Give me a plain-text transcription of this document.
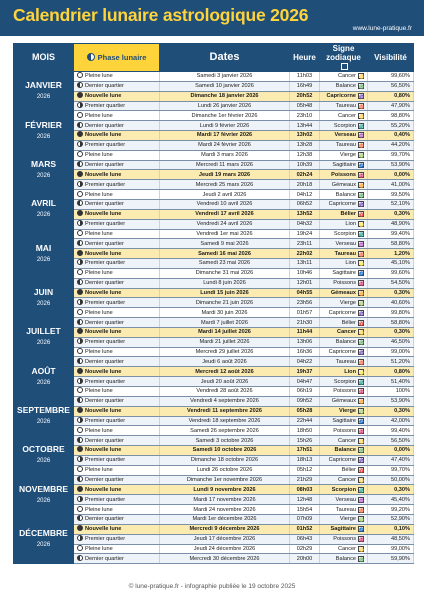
Calendrier lunaire astrologique 2026
www.lune-pratique.fr
MOIS	Phase lunaire	Dates	Heure	Signe zodiaque	Visibilité

JANVIER
2026	Pleine lune	Samedi 3 janvier 2026	11h03	Cancer ♋	99,60%
	Dernier quartier	Samedi 10 janvier 2026	16h49	Balance ♎	56,50%
	Nouvelle lune	Dimanche 18 janvier 2026	20h52	Capricorne ♑	0,80%
	Premier quartier	Lundi 26 janvier 2026	05h48	Taureau ♉	47,90%

FÉVRIER
2026	Pleine lune	Dimanche 1er février 2026	23h10	Cancer ♋	98,80%
	Dernier quartier	Lundi 9 février 2026	13h44	Scorpion ♏	55,20%
	Nouvelle lune	Mardi 17 février 2026	13h02	Verseau ♒	0,40%
	Premier quartier	Mardi 24 février 2026	13h28	Taureau ♉	44,20%

MARS
2026	Pleine lune	Mardi 3 mars 2026	12h38	Vierge ♍	99,70%
	Dernier quartier	Mercredi 11 mars 2026	10h39	Sagittaire ♐	53,90%
	Nouvelle lune	Jeudi 19 mars 2026	02h24	Poissons ♓	0,00%
	Premier quartier	Mercredi 25 mars 2026	20h18	Gémeaux ♊	41,00%

AVRIL
2026	Pleine lune	Jeudi 2 avril 2026	04h12	Balance ♎	99,50%
	Dernier quartier	Vendredi 10 avril 2026	06h52	Capricorne ♑	52,10%
	Nouvelle lune	Vendredi 17 avril 2026	13h52	Bélier ♈	0,30%
	Premier quartier	Vendredi 24 avril 2026	04h32	Lion ♌	48,90%

MAI
2026	Pleine lune	Vendredi 1er mai 2026	19h24	Scorpion ♏	99,40%
	Dernier quartier	Samedi 9 mai 2026	23h11	Verseau ♒	58,80%
	Nouvelle lune	Samedi 16 mai 2026	22h02	Taureau ♉	1,20%
	Premier quartier	Samedi 23 mai 2026	13h11	Lion ♌	45,10%
	Pleine lune	Dimanche 31 mai 2026	10h46	Sagittaire ♐	99,60%

JUIN
2026	Dernier quartier	Lundi 8 juin 2026	12h01	Poissons ♓	54,50%
	Nouvelle lune	Lundi 15 juin 2026	04h55	Gémeaux ♊	0,30%
	Premier quartier	Dimanche 21 juin 2026	23h56	Vierge ♍	40,60%
	Pleine lune	Mardi 30 juin 2026	01h57	Capricorne ♑	99,80%

JUILLET
2026	Dernier quartier	Mardi 7 juillet 2026	21h30	Bélier ♈	58,80%
	Nouvelle lune	Mardi 14 juillet 2026	11h44	Cancer ♋	0,30%
	Premier quartier	Mardi 21 juillet 2026	13h06	Balance ♎	46,50%
	Pleine lune	Mercredi 29 juillet 2026	16h36	Capricorne ♑	99,00%

AOÛT
2026	Dernier quartier	Jeudi 6 août 2026	04h22	Taureau ♉	51,20%
	Nouvelle lune	Mercredi 12 août 2026	19h37	Lion ♌	0,80%
	Premier quartier	Jeudi 20 août 2026	04h47	Scorpion ♏	51,40%
	Pleine lune	Vendredi 28 août 2026	06h19	Poissons ♓	100%

SEPTEMBRE
2026	Dernier quartier	Vendredi 4 septembre 2026	09h52	Gémeaux ♊	53,90%
	Nouvelle lune	Vendredi 11 septembre 2026	05h28	Vierge ♍	0,30%
	Premier quartier	Vendredi 18 septembre 2026	22h44	Sagittaire ♐	42,00%
	Pleine lune	Samedi 26 septembre 2026	18h50	Poissons ♓	99,40%

OCTOBRE
2026	Dernier quartier	Samedi 3 octobre 2026	15h26	Cancer ♋	56,50%
	Nouvelle lune	Samedi 10 octobre 2026	17h51	Balance ♎	0,00%
	Premier quartier	Dimanche 18 octobre 2026	18h13	Capricorne ♑	47,40%
	Pleine lune	Lundi 26 octobre 2026	05h12	Bélier ♈	99,70%

NOVEMBRE
2026	Dernier quartier	Dimanche 1er novembre 2026	21h29	Cancer ♋	50,00%
	Nouvelle lune	Lundi 9 novembre 2026	08h03	Scorpion ♏	0,30%
	Premier quartier	Mardi 17 novembre 2026	12h48	Verseau ♒	45,40%
	Pleine lune	Mardi 24 novembre 2026	15h54	Taureau ♉	99,20%

DÉCEMBRE
2026	Dernier quartier	Mardi 1er décembre 2026	07h09	Vierge ♍	52,90%
	Nouvelle lune	Mercredi 9 décembre 2026	01h52	Sagittaire ♐	0,10%
	Premier quartier	Jeudi 17 décembre 2026	06h43	Poissons ♓	48,50%
	Pleine lune	Jeudi 24 décembre 2026	02h29	Cancer ♋	99,00%
	Dernier quartier	Mercredi 30 décembre 2026	20h00	Balance ♎	59,90%
© lune-pratique.fr - infographie publiée le 19 octobre 2025
